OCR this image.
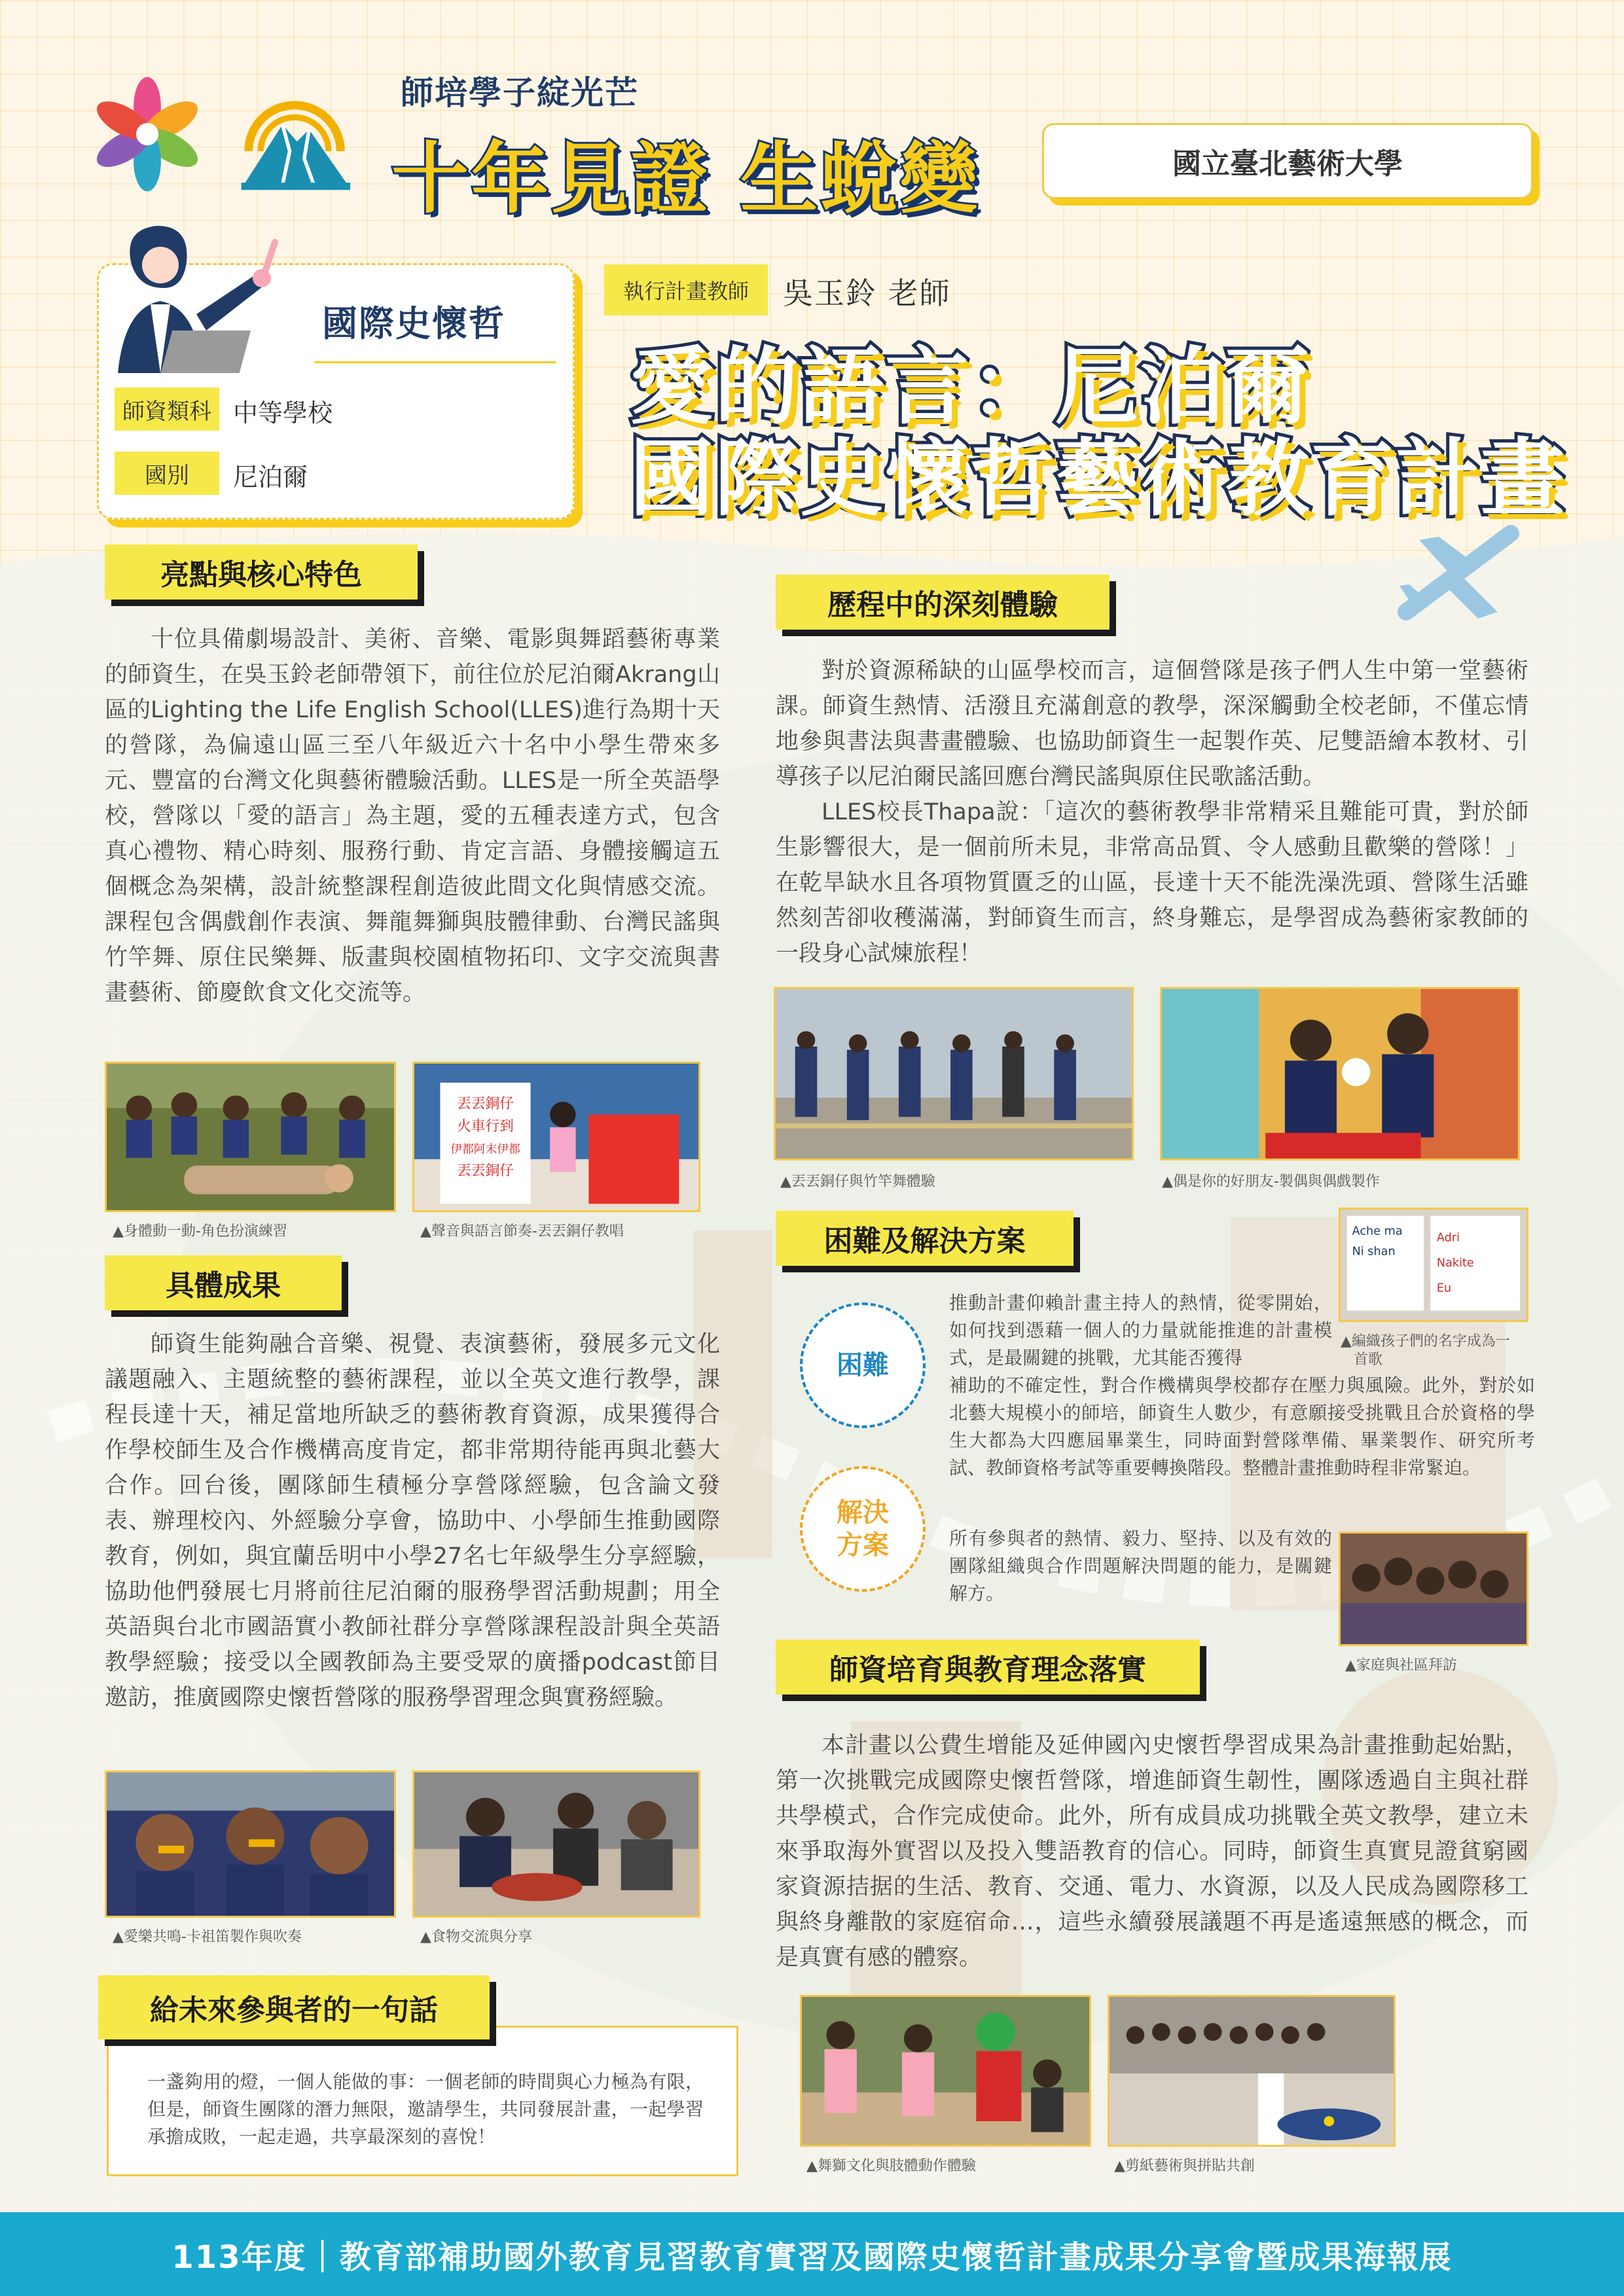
師培學子綻光芒
十年見證 生蛻變	國立臺北藝術大學
國際史懷哲
師資類科 中等學校
國別	尼泊爾
執行計畫教師	吳玉鈴 老師
愛的語言：尼泊爾
國際史懷哲藝術教育計畫
亮點與核心特色

十位具備劇場設計、美術、音樂、電影與舞蹈藝術專業的師資生，在吳玉鈴老師帶領下，前往位於尼泊爾Akrang山區的Lighting the Life English School(LLES)進行為期十天的營隊，為偏遠山區三至八年級近六十名中小學生帶來多元、豐富的台灣文化與藝術體驗活動。LLES是一所全英語學校，營隊以「愛的語言」為主題，愛的五種表達方式，包含真心禮物、精心時刻、服務行動、肯定言語、身體接觸這五個概念為架構，設計統整課程創造彼此間文化與情感交流。課程包含偶戲創作表演、舞龍舞獅與肢體律動、台灣民謠與竹竿舞、原住民樂舞、版畫與校園植物拓印、文字交流與書畫藝術、節慶飲食文化交流等。

丟丟銅仔
火車行到
伊都阿末伊都
丟丟銅仔
▲身體動一動-角色扮演練習	▲聲音與語言節奏-丟丟銅仔教唱
具體成果

師資生能夠融合音樂、視覺、表演藝術，發展多元文化議題融入、主題統整的藝術課程，並以全英文進行教學，課程長達十天，補足當地所缺乏的藝術教育資源，成果獲得合作學校師生及合作機構高度肯定，都非常期待能再與北藝大合作。回台後，團隊師生積極分享營隊經驗，包含論文發表、辦理校內、外經驗分享會，協助中、小學師生推動國際教育，例如，與宜蘭岳明中小學27名七年級學生分享經驗，協助他們發展七月將前往尼泊爾的服務學習活動規劃；用全英語與台北市國語實小教師社群分享營隊課程設計與全英語教學經驗；接受以全國教師為主要受眾的廣播podcast節目邀訪，推廣國際史懷哲營隊的服務學習理念與實務經驗。

▲愛樂共鳴-卡祖笛製作與吹奏	▲食物交流與分享
給未來參與者的一句話
一盞夠用的燈，一個人能做的事：一個老師的時間與心力極為有限，但是，師資生團隊的潛力無限，邀請學生，共同發展計畫，一起學習承擔成敗，一起走過，共享最深刻的喜悅！
歷程中的深刻體驗

對於資源稀缺的山區學校而言，這個營隊是孩子們人生中第一堂藝術課。師資生熱情、活潑且充滿創意的教學，深深觸動全校老師，不僅忘情地參與書法與書畫體驗、也協助師資生一起製作英、尼雙語繪本教材、引導孩子以尼泊爾民謠回應台灣民謠與原住民歌謠活動。

LLES校長Thapa說：「這次的藝術教學非常精采且難能可貴，對於師生影響很大，是一個前所未見，非常高品質、令人感動且歡樂的營隊！」在乾旱缺水且各項物質匱乏的山區，長達十天不能洗澡洗頭、營隊生活雖然刻苦卻收穫滿滿，對師資生而言，終身難忘，是學習成為藝術家教師的一段身心試煉旅程！

▲丟丟銅仔與竹竿舞體驗	▲偶是你的好朋友-製偶與偶戲製作
困難及解決方案
困難
推動計畫仰賴計畫主持人的熱情，從零開始，如何找到憑藉一個人的力量就能推進的計畫模式，是最關鍵的挑戰，尤其能否獲得
補助的不確定性，對合作機構與學校都存在壓力與風險。此外，對於如北藝大規模小的師培，師資生人數少，有意願接受挑戰且合於資格的學生大都為大四應屆畢業生，同時面對營隊準備、畢業製作、研究所考試、教師資格考試等重要轉換階段。整體計畫推動時程非常緊迫。
Ache ma
Ni shan
Adri
Nakite
Eu
▲編織孩子們的名字成為一
首歌
解決
方案	所有參與者的熱情、毅力、堅持、以及有效的團隊組織與合作問題解決問題的能力，是關鍵解方。
▲家庭與社區拜訪
師資培育與教育理念落實

本計畫以公費生增能及延伸國內史懷哲學習成果為計畫推動起始點，第一次挑戰完成國際史懷哲營隊，增進師資生韌性，團隊透過自主與社群共學模式，合作完成使命。此外，所有成員成功挑戰全英文教學，建立未來爭取海外實習以及投入雙語教育的信心。同時，師資生真實見證貧窮國家資源拮据的生活、教育、交通、電力、水資源，以及人民成為國際移工與終身離散的家庭宿命…，這些永續發展議題不再是遙遠無感的概念，而是真實有感的體察。

▲舞獅文化與肢體動作體驗	▲剪紙藝術與拼貼共創
113年度｜教育部補助國外教育見習教育實習及國際史懷哲計畫成果分享會暨成果海報展
